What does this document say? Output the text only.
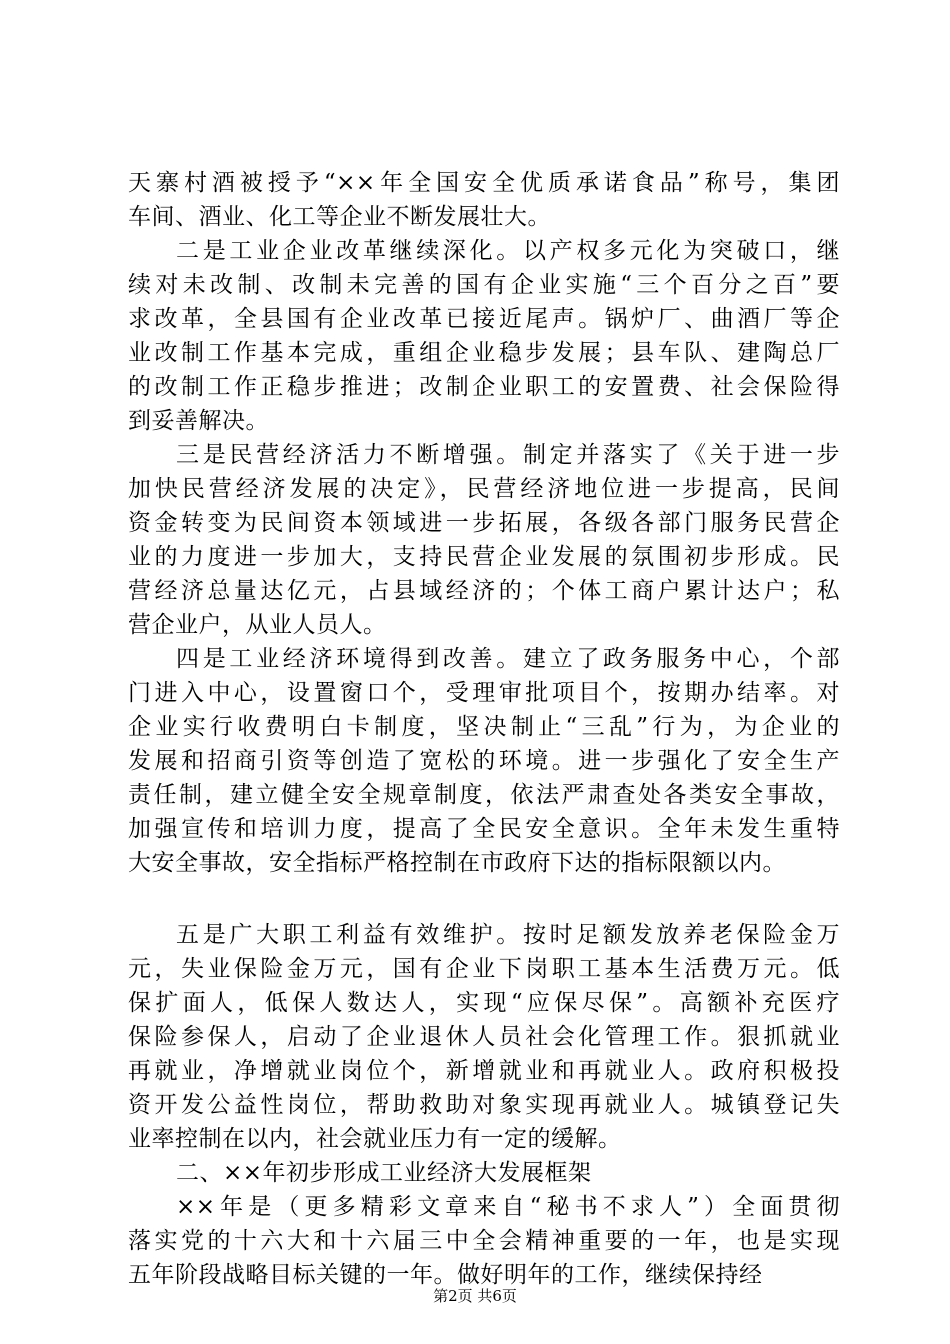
天寨村酒被授予“××年全国安全优质承诺食品”称号，集团
车间、酒业、化工等企业不断发展壮大。
二是工业企业改革继续深化。以产权多元化为突破口，继
续对未改制、改制未完善的国有企业实施“三个百分之百”要
求改革，全县国有企业改革已接近尾声。锅炉厂、曲酒厂等企
业改制工作基本完成，重组企业稳步发展；县车队、建陶总厂
的改制工作正稳步推进；改制企业职工的安置费、社会保险得
到妥善解决。
三是民营经济活力不断增强。制定并落实了《关于进一步
加快民营经济发展的决定》，民营经济地位进一步提高，民间
资金转变为民间资本领域进一步拓展，各级各部门服务民营企
业的力度进一步加大，支持民营企业发展的氛围初步形成。民
营经济总量达亿元，占县域经济的；个体工商户累计达户；私
营企业户，从业人员人。
四是工业经济环境得到改善。建立了政务服务中心，个部
门进入中心，设置窗口个，受理审批项目个，按期办结率。对
企业实行收费明白卡制度，坚决制止“三乱”行为，为企业的
发展和招商引资等创造了宽松的环境。进一步强化了安全生产
责任制，建立健全安全规章制度，依法严肃查处各类安全事故，
加强宣传和培训力度，提高了全民安全意识。全年未发生重特
大安全事故，安全指标严格控制在市政府下达的指标限额以内。
五是广大职工利益有效维护。按时足额发放养老保险金万
元，失业保险金万元，国有企业下岗职工基本生活费万元。低
保扩面人，低保人数达人，实现“应保尽保”。高额补充医疗
保险参保人，启动了企业退休人员社会化管理工作。狠抓就业
再就业，净增就业岗位个，新增就业和再就业人。政府积极投
资开发公益性岗位，帮助救助对象实现再就业人。城镇登记失
业率控制在以内，社会就业压力有一定的缓解。
二、××年初步形成工业经济大发展框架
××年是（更多精彩文章来自“秘书不求人”）全面贯彻
落实党的十六大和十六届三中全会精神重要的一年，也是实现
五年阶段战略目标关键的一年。做好明年的工作，继续保持经
第2页 共6页
